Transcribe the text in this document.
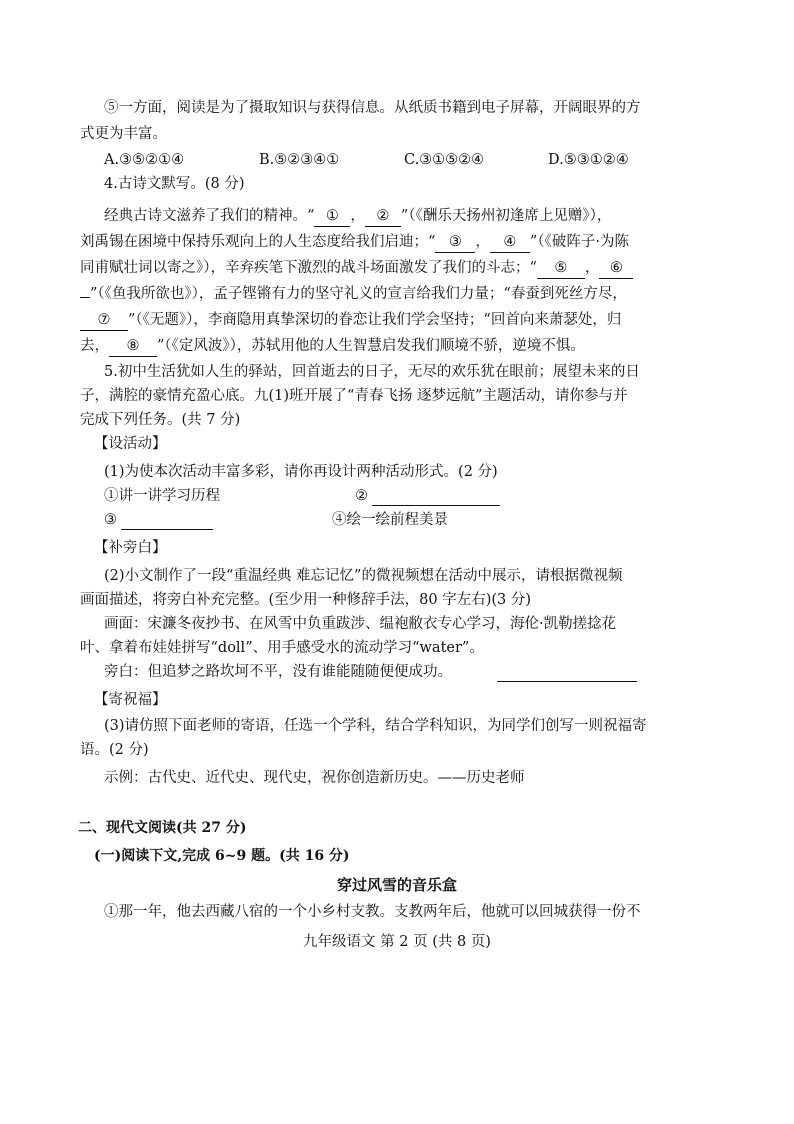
⑤一方面，阅读是为了摄取知识与获得信息。从纸质书籍到电子屏幕，开阔眼界的方
式更为丰富。
A.③⑤②①④	B.⑤②③④①	C.③①⑤②④	D.⑤③①②④
4.古诗文默写。(8 分)
经典古诗文滋养了我们的精神。“ ① ， ② ”（《酬乐天扬州初逢席上见赠》），
刘禹锡在困境中保持乐观向上的人生态度给我们启迪；“ ③ ， ④ ”（《破阵子·为陈
同甫赋壮词以寄之》），辛弃疾笔下激烈的战斗场面激发了我们的斗志；“ ⑤ ， ⑥
”（《鱼我所欲也》），孟子铿锵有力的坚守礼义的宣言给我们力量；“春蚕到死丝方尽，
⑦ ”（《无题》），李商隐用真挚深切的眷恋让我们学会坚持；“回首向来萧瑟处，归
去， ⑧ ”（《定风波》），苏轼用他的人生智慧启发我们顺境不骄，逆境不惧。
5.初中生活犹如人生的驿站，回首逝去的日子，无尽的欢乐犹在眼前；展望未来的日
子，满腔的豪情充盈心底。九(1)班开展了“青春飞扬 逐梦远航”主题活动，请你参与并
完成下列任务。(共 7 分)
【设活动】
(1)为使本次活动丰富多彩，请你再设计两种活动形式。(2 分)
①讲一讲学习历程	②
③	④绘一绘前程美景
【补旁白】
(2)小文制作了一段“重温经典 难忘记忆”的微视频想在活动中展示，请根据微视频
画面描述，将旁白补充完整。(至少用一种修辞手法，80 字左右)(3 分)
画面：宋濂冬夜抄书、在风雪中负重跋涉、缊袍敝衣专心学习，海伦·凯勒搓捻花
叶、拿着布娃娃拼写“doll”、用手感受水的流动学习“water”。
旁白：但追梦之路坎坷不平，没有谁能随随便便成功。
【寄祝福】
(3)请仿照下面老师的寄语，任选一个学科，结合学科知识，为同学们创写一则祝福寄
语。(2 分)
示例：古代史、近代史、现代史，祝你创造新历史。——历史老师
二、现代文阅读(共 27 分)
(一)阅读下文,完成 6~9 题。(共 16 分)
穿过风雪的音乐盒
①那一年，他去西藏八宿的一个小乡村支教。支教两年后，他就可以回城获得一份不
九年级语文 第 2 页 (共 8 页)
